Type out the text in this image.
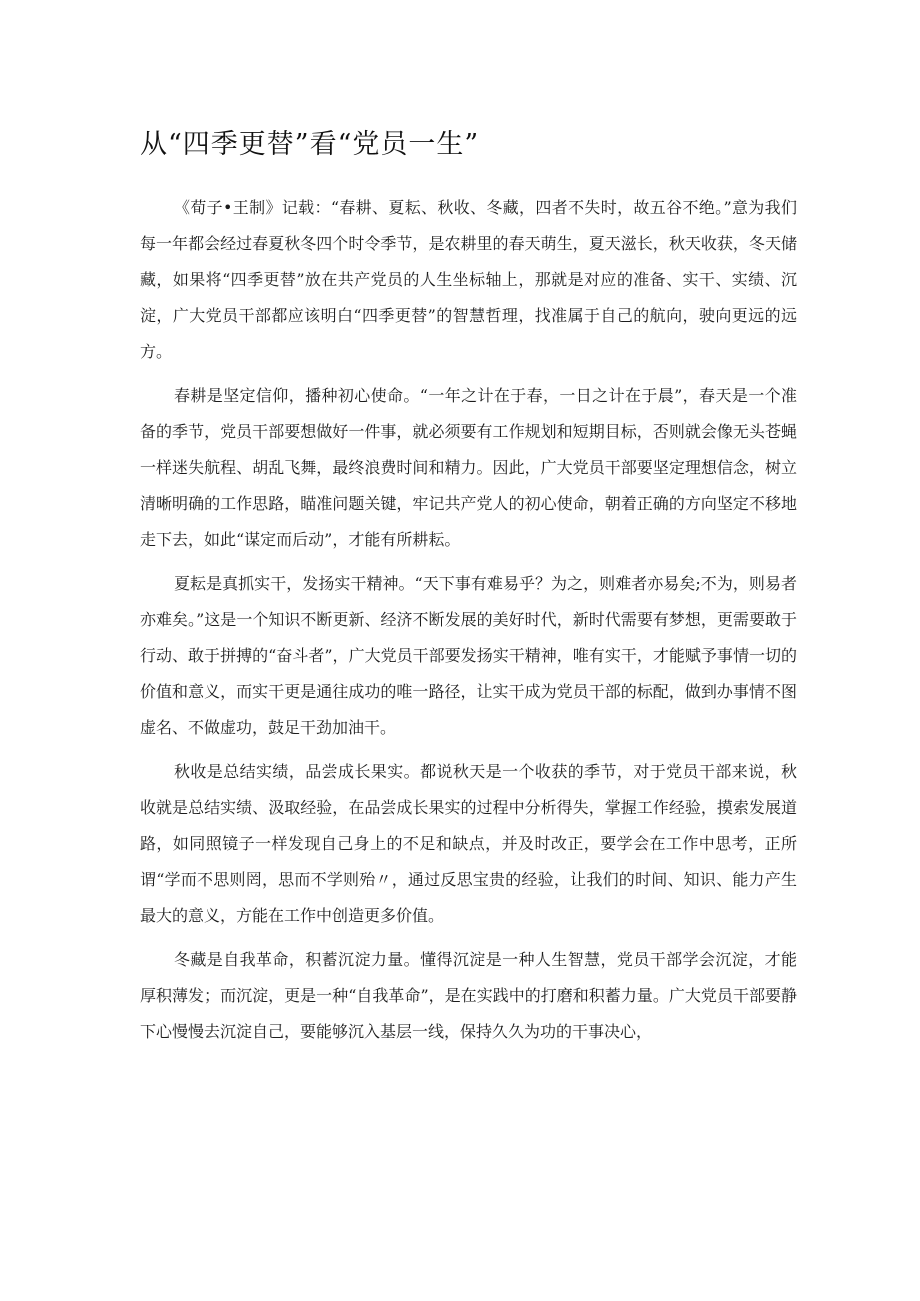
从“四季更替”看“党员一生”

《荀子•王制》记载：“春耕、夏耘、秋收、冬藏，四者不失时，故五谷不绝。”意为我们每一年都会经过春夏秋冬四个时令季节，是农耕里的春天萌生，夏天滋长，秋天收获，冬天储藏，如果将“四季更替”放在共产党员的人生坐标轴上，那就是对应的准备、实干、实绩、沉淀，广大党员干部都应该明白“四季更替”的智慧哲理，找准属于自己的航向，驶向更远的远方。

春耕是坚定信仰，播种初心使命。“一年之计在于春，一日之计在于晨”，春天是一个准备的季节，党员干部要想做好一件事，就必须要有工作规划和短期目标，否则就会像无头苍蝇一样迷失航程、胡乱飞舞，最终浪费时间和精力。因此，广大党员干部要坚定理想信念，树立清晰明确的工作思路，瞄准问题关键，牢记共产党人的初心使命，朝着正确的方向坚定不移地走下去，如此“谋定而后动”，才能有所耕耘。

夏耘是真抓实干，发扬实干精神。“天下事有难易乎？为之，则难者亦易矣;不为，则易者亦难矣。”这是一个知识不断更新、经济不断发展的美好时代，新时代需要有梦想，更需要敢于行动、敢于拼搏的“奋斗者”，广大党员干部要发扬实干精神，唯有实干，才能赋予事情一切的价值和意义，而实干更是通往成功的唯一路径，让实干成为党员干部的标配，做到办事情不图虚名、不做虚功，鼓足干劲加油干。

秋收是总结实绩，品尝成长果实。都说秋天是一个收获的季节，对于党员干部来说，秋收就是总结实绩、汲取经验，在品尝成长果实的过程中分析得失，掌握工作经验，摸索发展道路，如同照镜子一样发现自己身上的不足和缺点，并及时改正，要学会在工作中思考，正所谓“学而不思则罔，思而不学则殆〃，通过反思宝贵的经验，让我们的时间、知识、能力产生最大的意义，方能在工作中创造更多价值。

冬藏是自我革命，积蓄沉淀力量。懂得沉淀是一种人生智慧，党员干部学会沉淀，才能厚积薄发；而沉淀，更是一种“自我革命”，是在实践中的打磨和积蓄力量。广大党员干部要静下心慢慢去沉淀自己，要能够沉入基层一线，保持久久为功的干事决心，
